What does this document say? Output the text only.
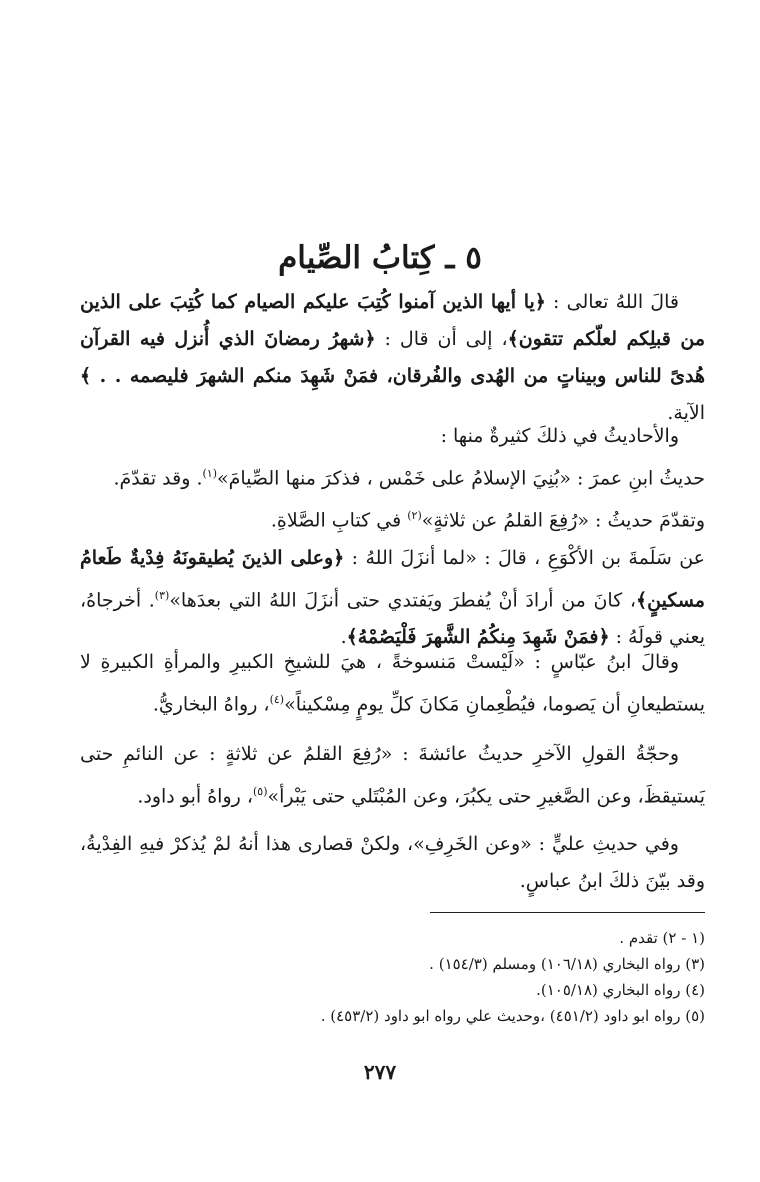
٥ ـ كِتابُ الصِّيام

قالَ اللهُ تعالى : ﴿يا أيها الذين آمنوا كُتِبَ عليكم الصيام كما كُتِبَ على الذين من قبلِكم لعلّكم تتقون﴾، إلى أن قال : ﴿شهرُ رمضانَ الذي أُنزل فيه القرآن هُدىً للناس وبيناتٍ من الهُدى والفُرقان، فمَنْ شَهِدَ منكم الشهرَ فليصمه . . ﴾ الآية.

والأحاديثُ في ذلكَ كثيرةٌ منها :

حديثُ ابنِ عمرَ : «بُنِيَ الإسلامُ على خَمْس ، فذكرَ منها الصِّيامَ»$^{(١)}$. وقد تقدّمَ.

وتقدّمَ حديثُ : «رُفِعَ القلمُ عن ثلاثةٍ»$^{(٢)}$ في كتابِ الصَّلاةِ.

عن سَلَمةَ بن الأكْوَعِ ، قالَ : «لما أنزَلَ اللهُ : ﴿وعلى الذينَ يُطيقونَهُ فِدْيةٌ طَعامُ مسكينٍ﴾، كانَ من أرادَ أنْ يُفطرَ ويَفتدي حتى أنزَلَ اللهُ التي بعدَها»$^{(٣)}$. أخرجاهُ، يعني قولَهُ : ﴿فمَنْ شَهِدَ مِنكُمُ الشَّهرَ فَلْيَصُمْهُ﴾.

وقالَ ابنُ عبّاسٍ : «لَيْستْ مَنسوخةً ، هيَ للشيخِ الكبيرِ والمرأةِ الكبيرةِ لا يستطيعانِ أن يَصوما، فيُطْعِمانِ مَكانَ كلِّ يومٍ مِسْكيناً»$^{(٤)}$، رواهُ البخاريُّ.

وحجّةُ القولِ الآخرِ حديثُ عائشةَ : «رُفِعَ القلمُ عن ثلاثةٍ : عن النائمِ حتى يَستيقظَ، وعن الصَّغيرِ حتى يكبُرَ، وعن المُبْتَلي حتى يَبْرأ»$^{(٥)}$، رواهُ أبو داود.

وفي حديثِ عليٍّ : «وعن الخَرِفِ»، ولكنْ قصارى هذا أنهُ لمْ يُذكرْ فيهِ الفِدْيةُ، وقد بيّنَ ذلكَ ابنُ عباسٍ.

(١ - ٢) تقدم .

(٣) رواه البخاري (١٠٦/١٨) ومسلم (١٥٤/٣) .

(٤) رواه البخاري (١٠٥/١٨).

(٥) رواه ابو داود (٤٥١/٢) ،وحديث علي رواه ابو داود (٤٥٣/٢) .

٢٧٧
